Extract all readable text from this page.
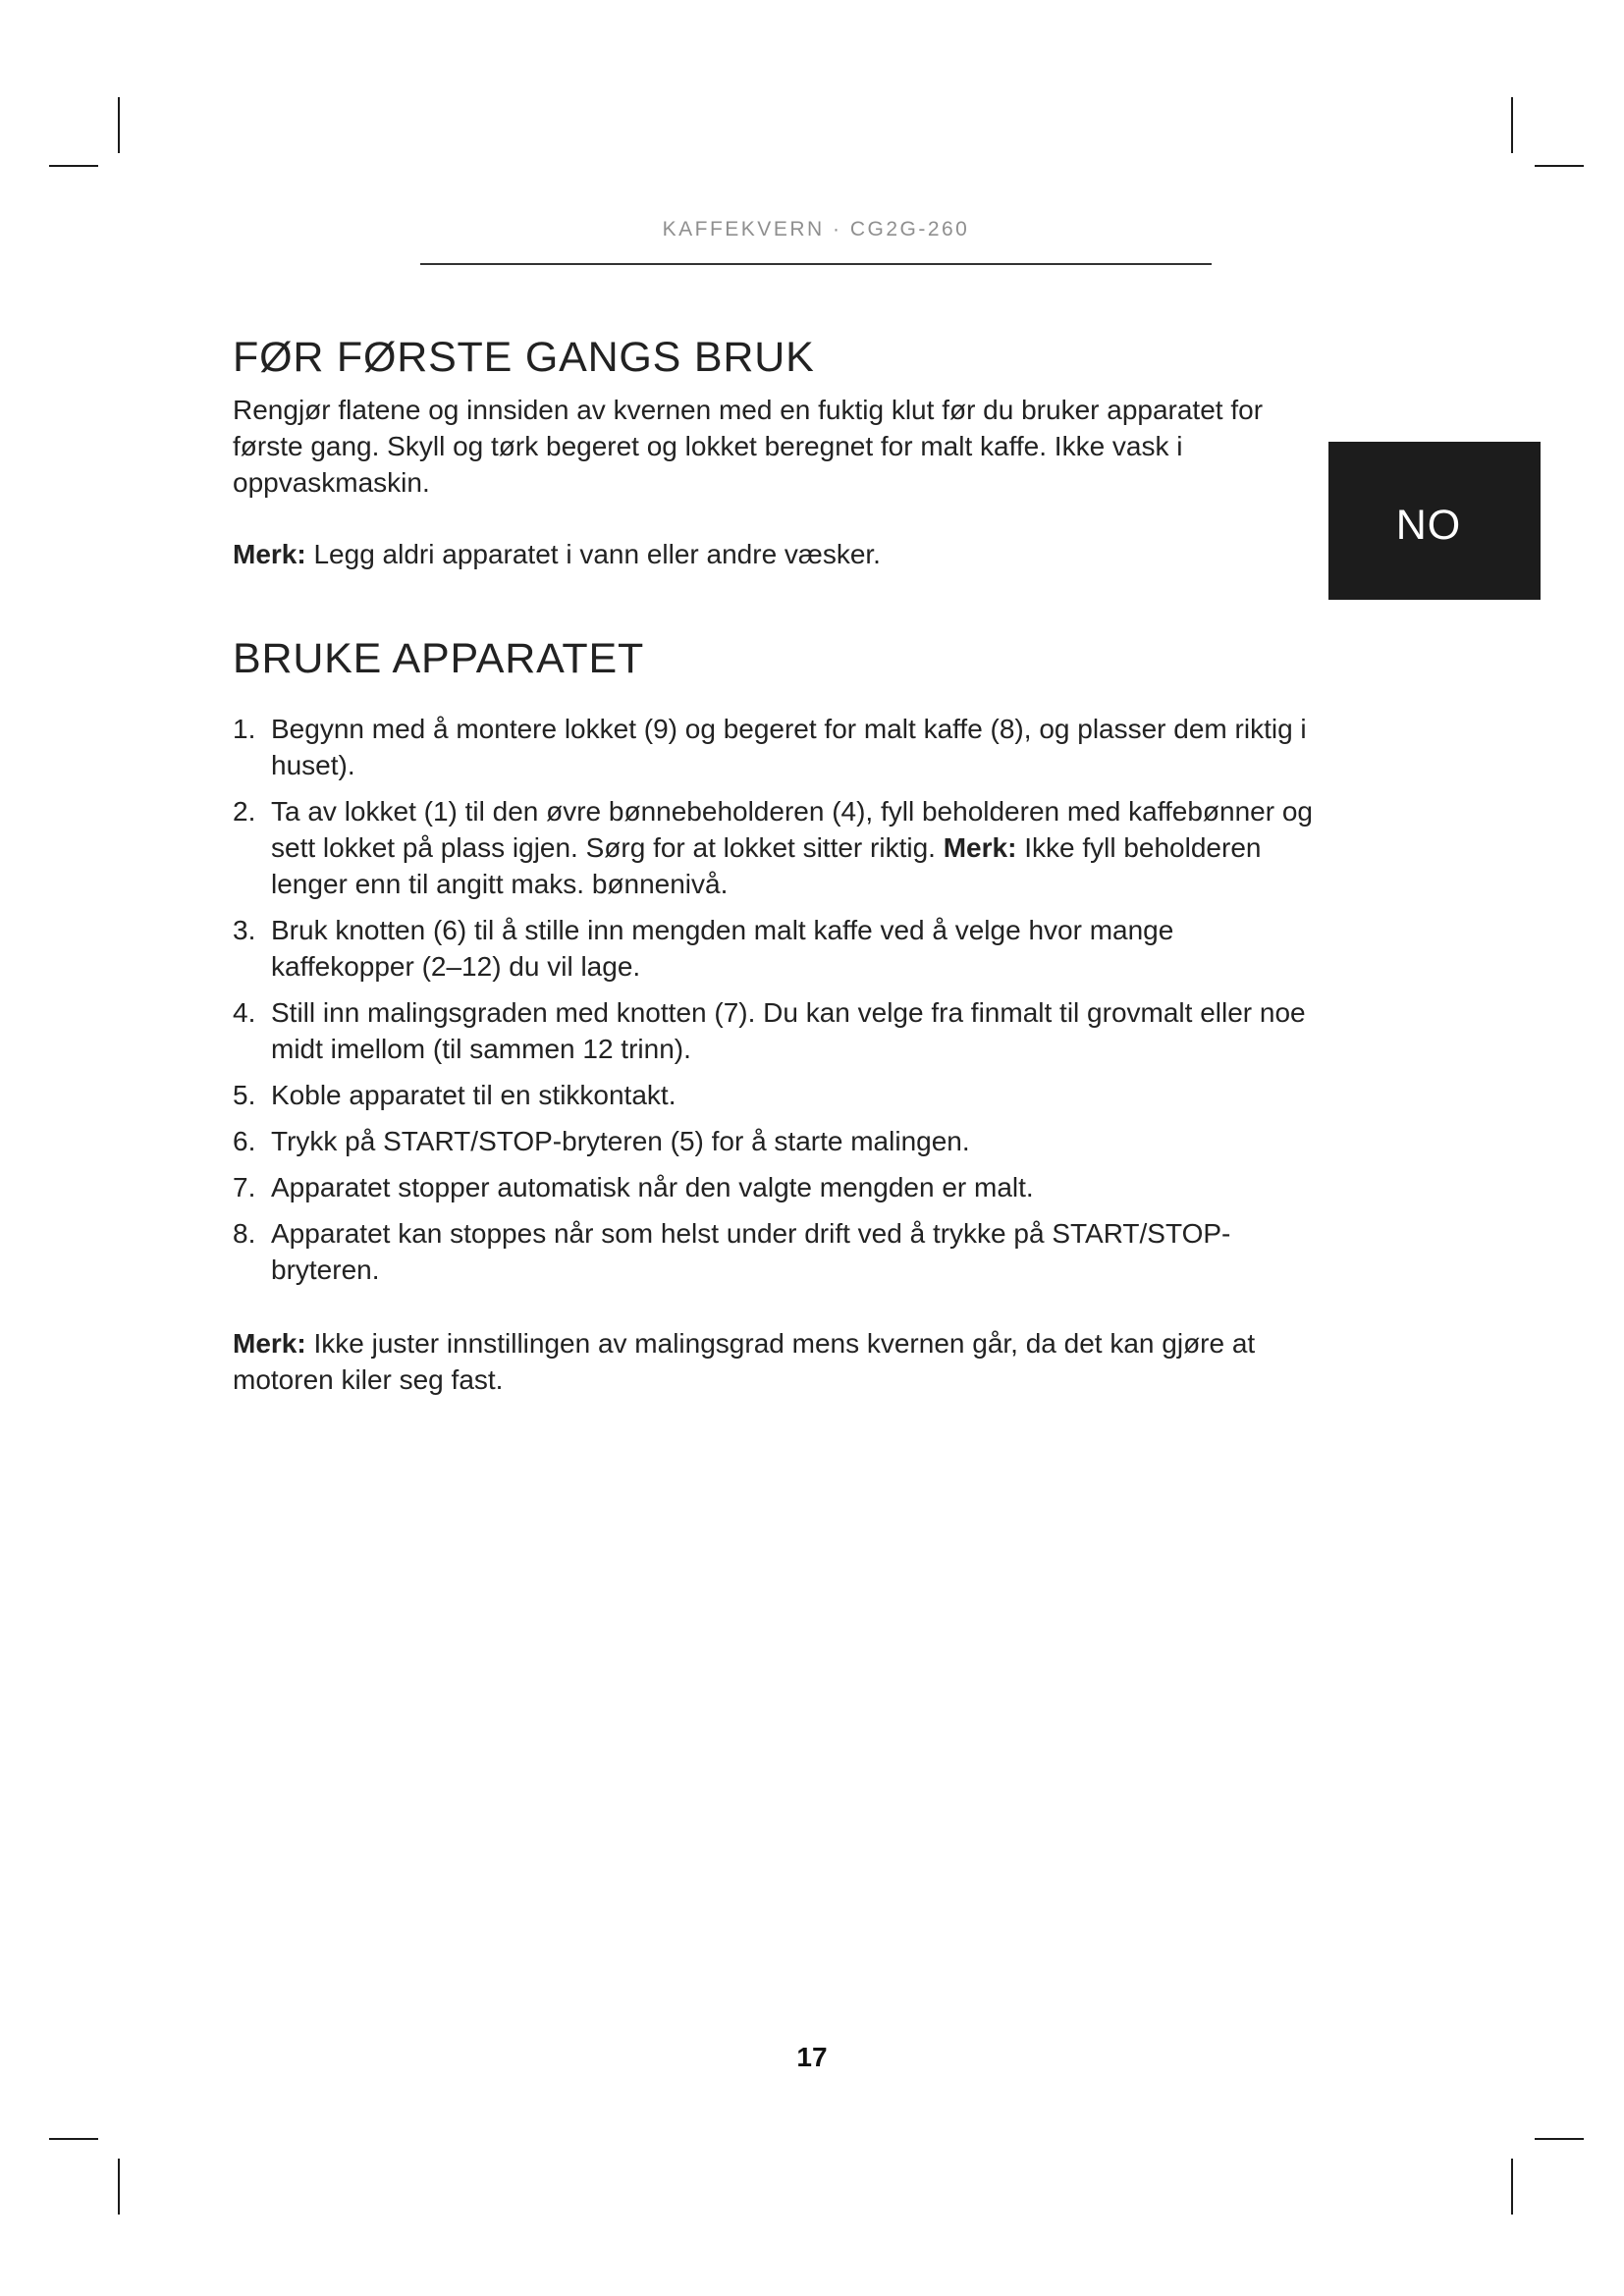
KAFFEKVERN · CG2G-260
NO
FØR FØRSTE GANGS BRUK

Rengjør flatene og innsiden av kvernen med en fuktig klut før du bruker apparatet for første gang. Skyll og tørk begeret og lokket beregnet for malt kaffe. Ikke vask i oppvaskmaskin.

Merk: Legg aldri apparatet i vann eller andre væsker.

BRUKE APPARATET
1. Begynn med å montere lokket (9) og begeret for malt kaffe (8), og plasser dem riktig i huset).
2. Ta av lokket (1) til den øvre bønnebeholderen (4), fyll beholderen med kaffebønner og sett lokket på plass igjen. Sørg for at lokket sitter riktig. Merk: Ikke fyll beholderen lenger enn til angitt maks. bønnenivå.
3. Bruk knotten (6) til å stille inn mengden malt kaffe ved å velge hvor mange kaffekopper (2–12) du vil lage.
4. Still inn malingsgraden med knotten (7). Du kan velge fra finmalt til grovmalt eller noe midt imellom (til sammen 12 trinn).
5. Koble apparatet til en stikkontakt.
6. Trykk på START/STOP-bryteren (5) for å starte malingen.
7. Apparatet stopper automatisk når den valgte mengden er malt.
8. Apparatet kan stoppes når som helst under drift ved å trykke på START/STOP-bryteren.

Merk: Ikke juster innstillingen av malingsgrad mens kvernen går, da det kan gjøre at motoren kiler seg fast.

17
